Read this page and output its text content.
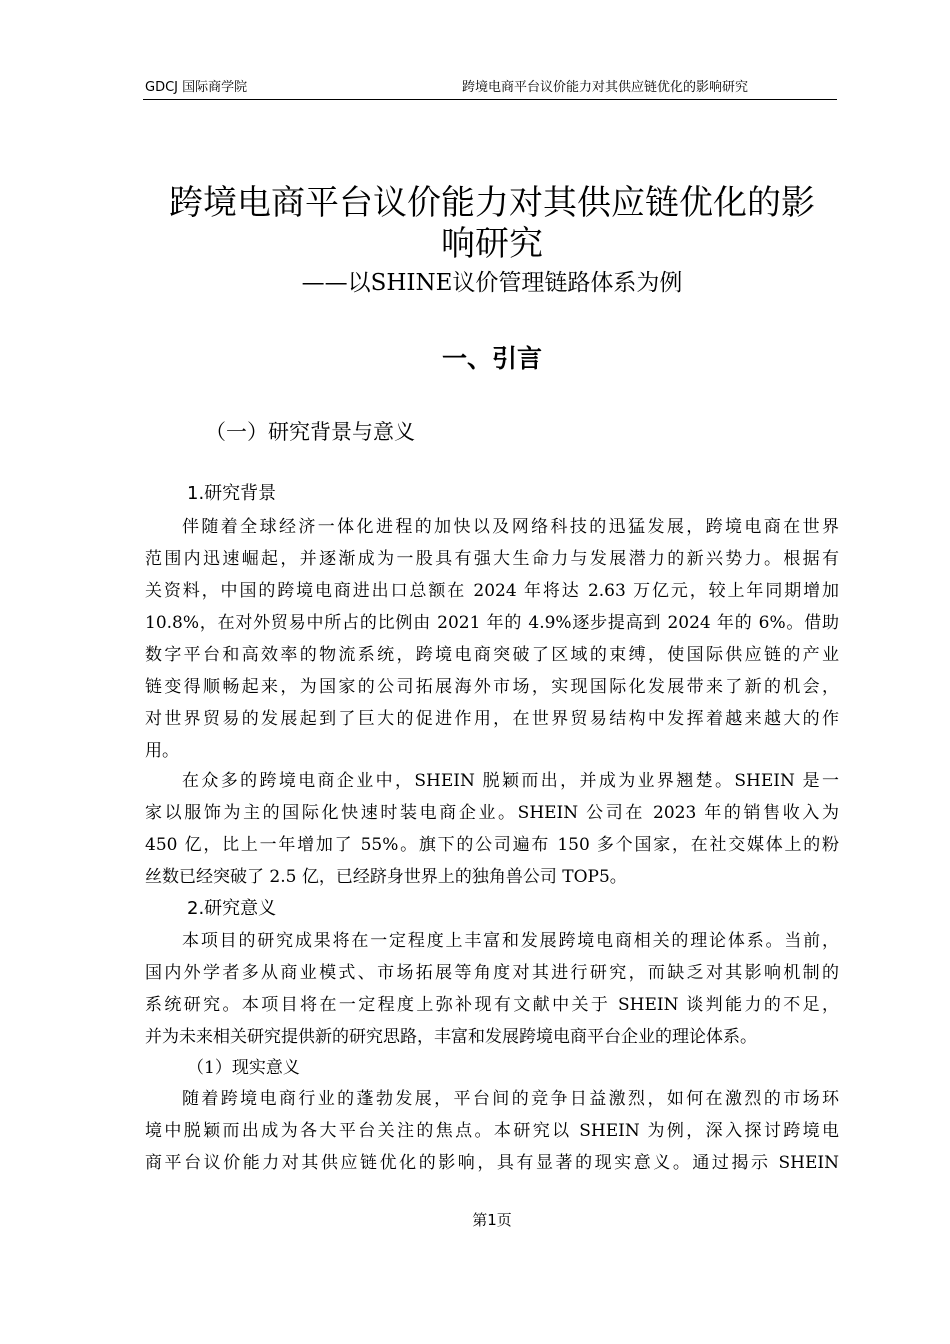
GDCJ 国际商学院	跨境电商平台议价能力对其供应链优化的影响研究
跨境电商平台议价能力对其供应链优化的影
响研究
——以SHINE议价管理链路体系为例
一、引言
（一）研究背景与意义
1.研究背景
伴随着全球经济一体化进程的加快以及网络科技的迅猛发展，跨境电商在世界
范围内迅速崛起，并逐渐成为一股具有强大生命力与发展潜力的新兴势力。根据有
关资料，中国的跨境电商进出口总额在 2024 年将达 2.63 万亿元，较上年同期增加
10.8%，在对外贸易中所占的比例由 2021 年的 4.9%逐步提高到 2024 年的 6%。借助
数字平台和高效率的物流系统，跨境电商突破了区域的束缚，使国际供应链的产业
链变得顺畅起来，为国家的公司拓展海外市场，实现国际化发展带来了新的机会，
对世界贸易的发展起到了巨大的促进作用，在世界贸易结构中发挥着越来越大的作
用。
在众多的跨境电商企业中，SHEIN 脱颖而出，并成为业界翘楚。SHEIN 是一
家以服饰为主的国际化快速时装电商企业。SHEIN 公司在 2023 年的销售收入为
450 亿，比上一年增加了 55%。旗下的公司遍布 150 多个国家，在社交媒体上的粉
丝数已经突破了 2.5 亿，已经跻身世界上的独角兽公司 TOP5。
2.研究意义
本项目的研究成果将在一定程度上丰富和发展跨境电商相关的理论体系。当前，
国内外学者多从商业模式、市场拓展等角度对其进行研究，而缺乏对其影响机制的
系统研究。本项目将在一定程度上弥补现有文献中关于 SHEIN 谈判能力的不足，
并为未来相关研究提供新的研究思路，丰富和发展跨境电商平台企业的理论体系。
（1）现实意义
随着跨境电商行业的蓬勃发展，平台间的竞争日益激烈，如何在激烈的市场环
境中脱颖而出成为各大平台关注的焦点。本研究以 SHEIN 为例，深入探讨跨境电
商平台议价能力对其供应链优化的影响，具有显著的现实意义。通过揭示 SHEIN
第1页
